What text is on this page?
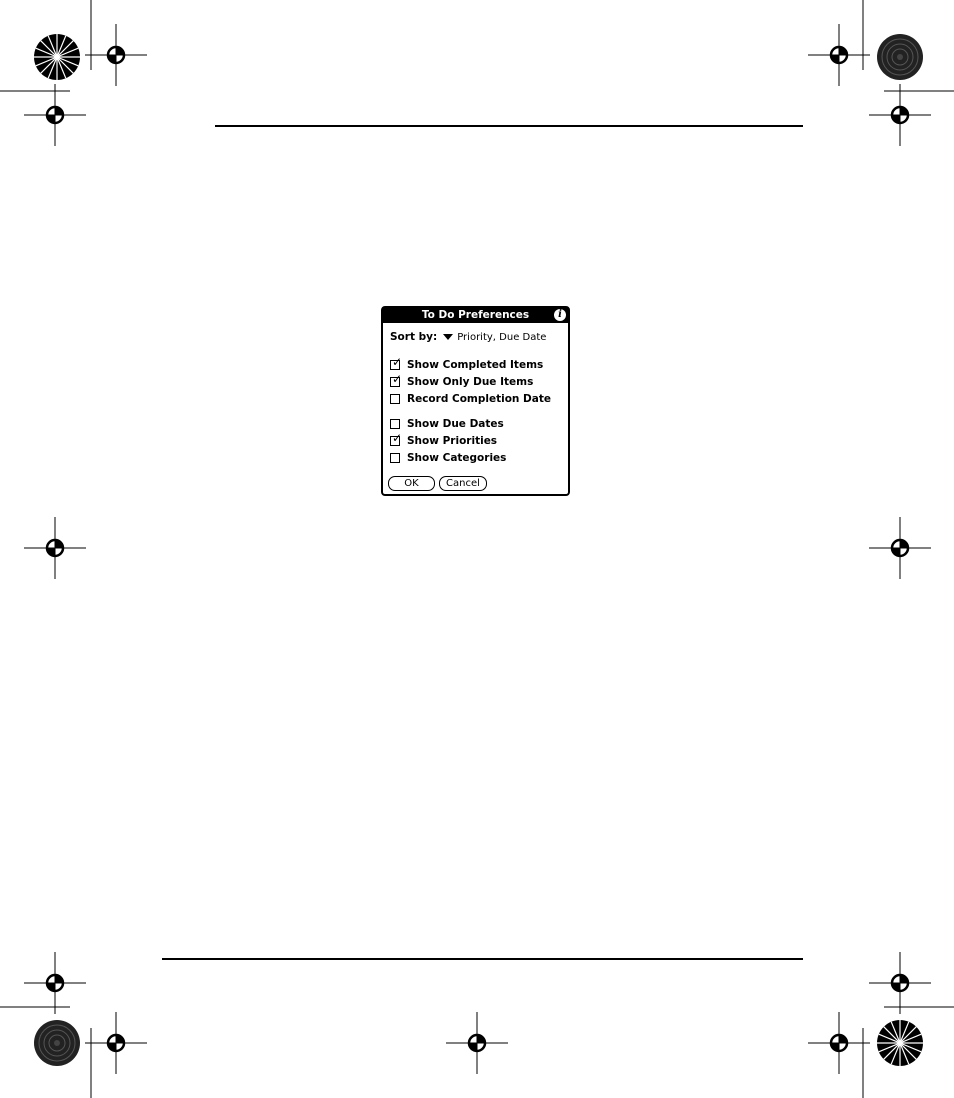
To Do Preferences	i
Sort by: Priority, Due Date
✓ Show Completed Items
✓ Show Only Due Items
Record Completion Date
Show Due Dates
✓ Show Priorities
Show Categories
OK	Cancel
